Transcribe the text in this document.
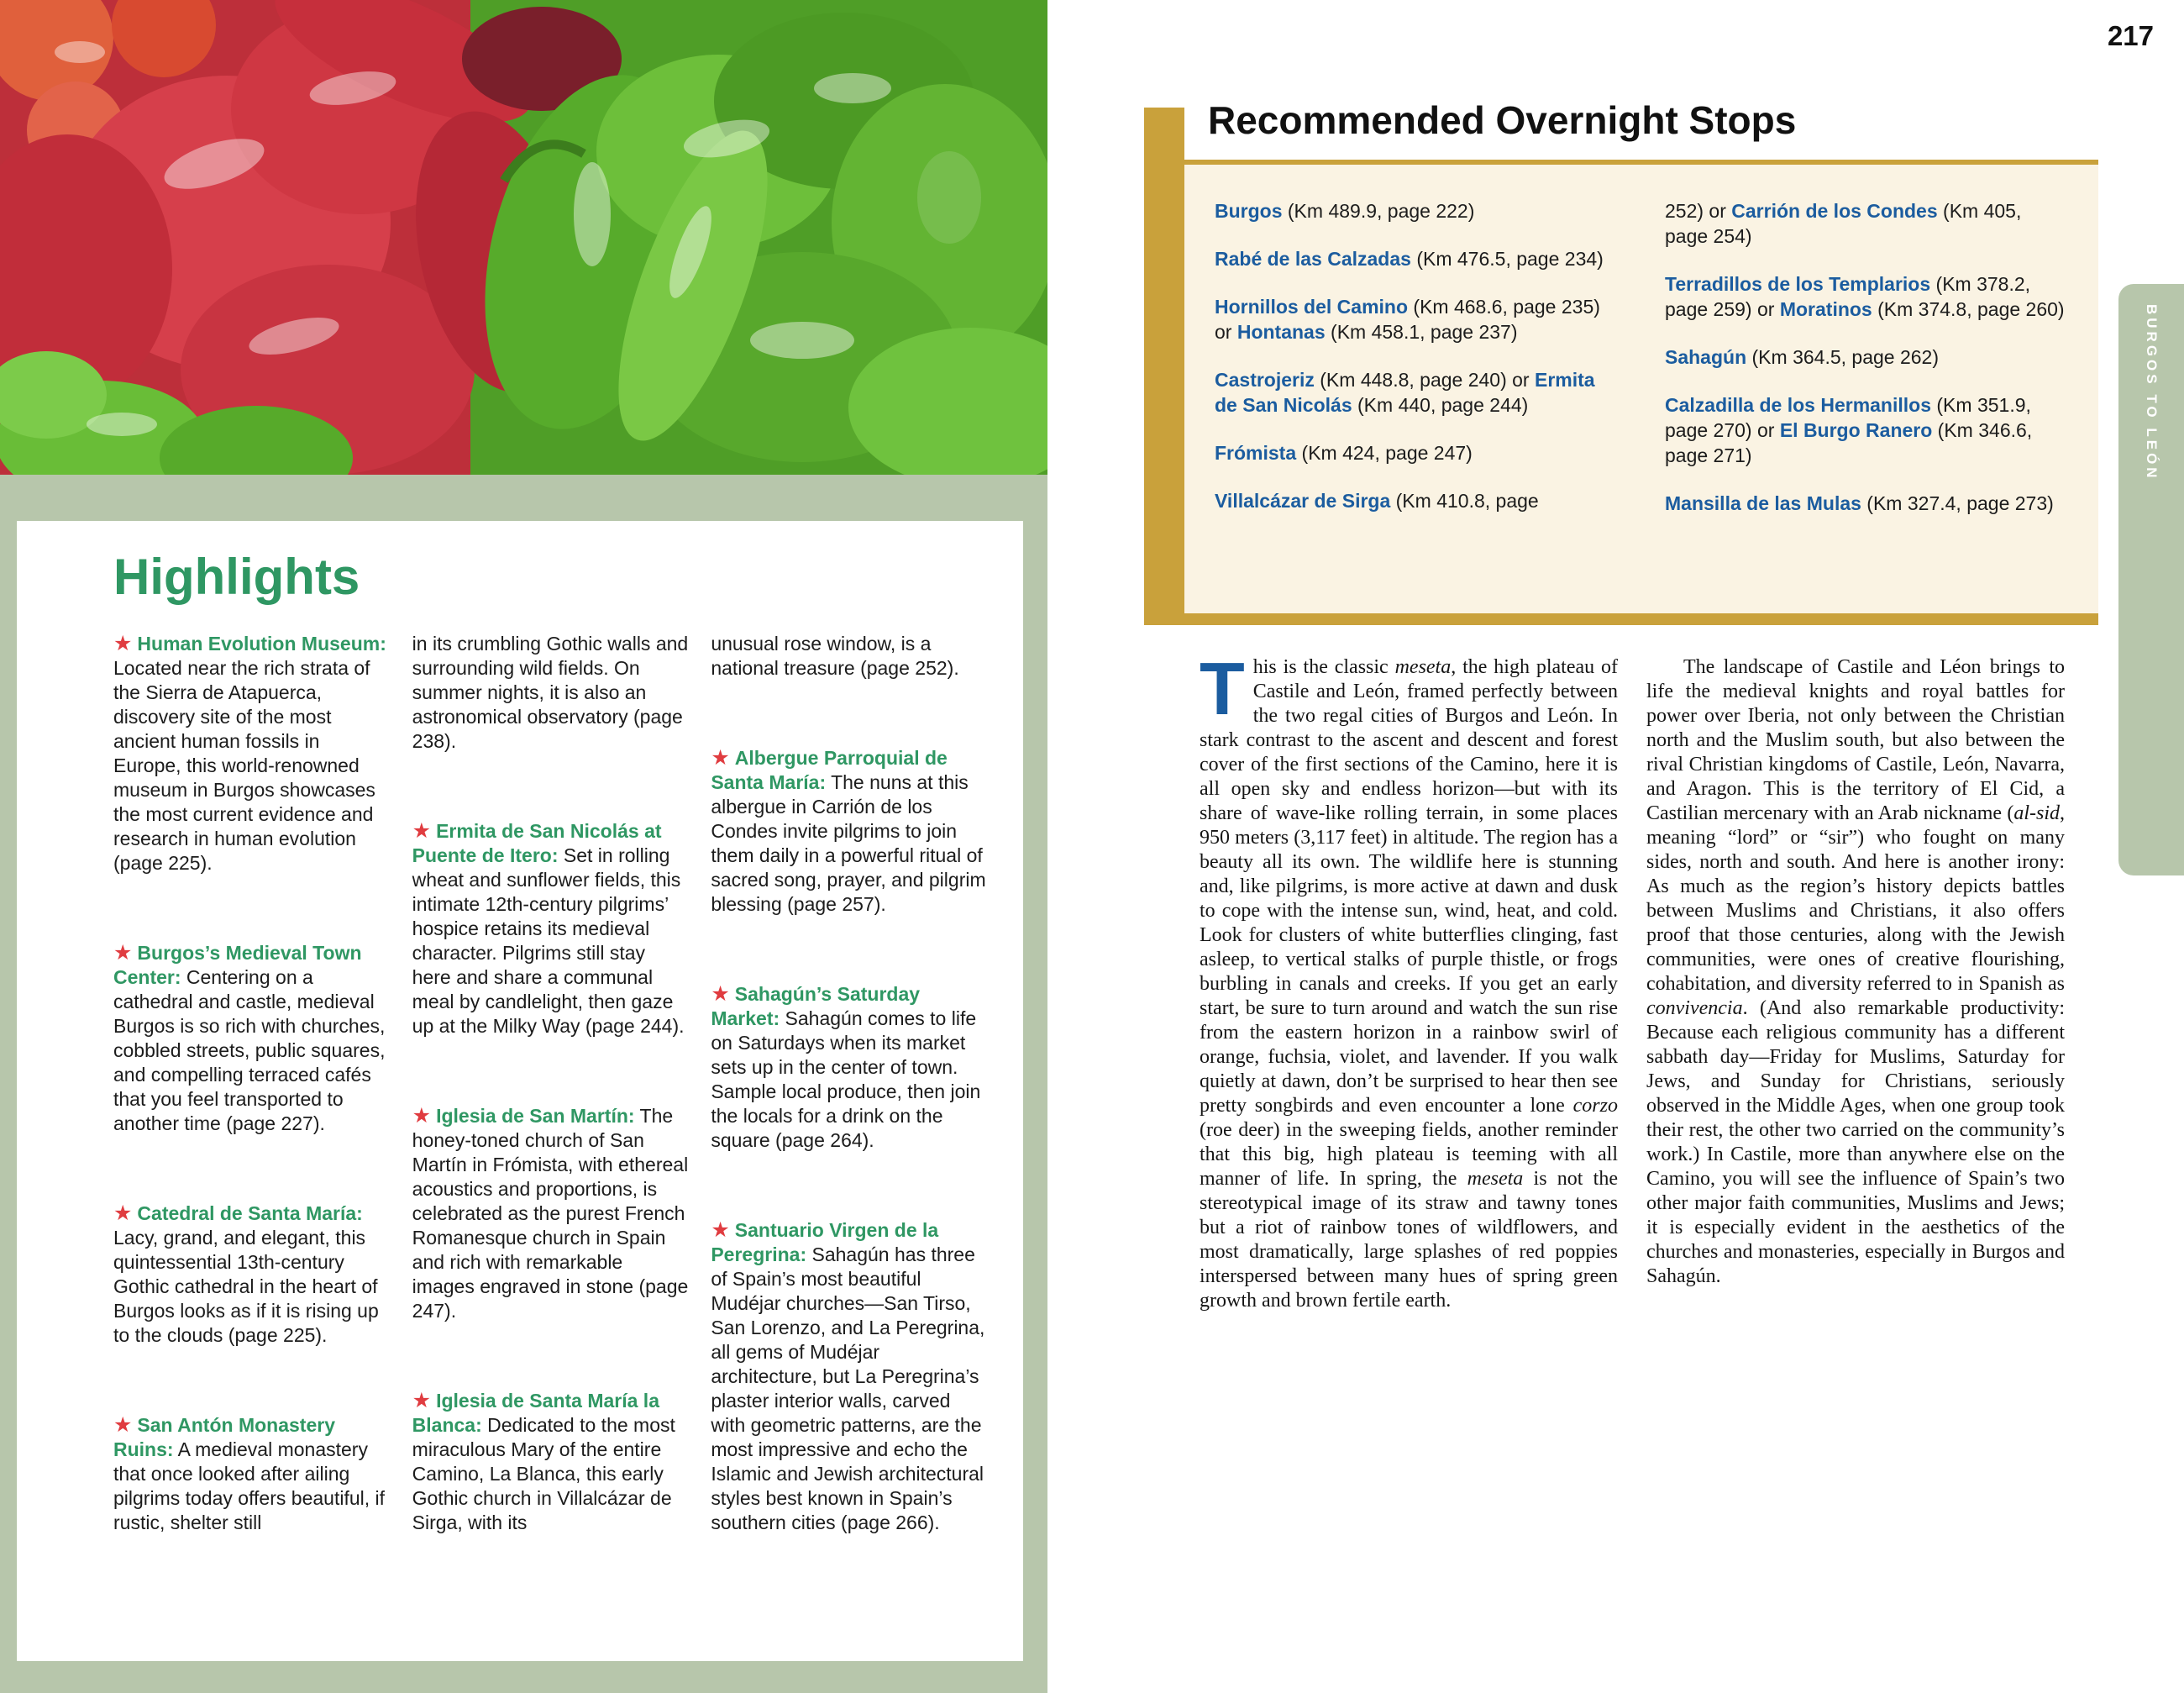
Highlights
★ Human Evolution Museum: Located near the rich strata of the Sierra de Atapuerca, discovery site of the most ancient human fossils in Europe, this world-renowned museum in Burgos showcases the most current evidence and research in human evolution (page 225).
★ Burgos’s Medieval Town Center: Centering on a cathedral and castle, medieval Burgos is so rich with churches, cobbled streets, public squares, and compelling terraced cafés that you feel transported to another time (page 227).
★ Catedral de Santa María: Lacy, grand, and elegant, this quintessential 13th-century Gothic cathedral in the heart of Burgos looks as if it is rising up to the clouds (page 225).
★ San Antón Monastery Ruins: A medieval monastery that once looked after ailing pilgrims today offers beautiful, if rustic, shelter still
in its crumbling Gothic walls and surrounding wild fields. On summer nights, it is also an astronomical observatory (page 238).
★ Ermita de San Nicolás at Puente de Itero: Set in rolling wheat and sunflower fields, this intimate 12th-century pilgrims’ hospice retains its medieval character. Pilgrims still stay here and share a communal meal by candlelight, then gaze up at the Milky Way (page 244).
★ Iglesia de San Martín: The honey-toned church of San Martín in Frómista, with ethereal acoustics and proportions, is celebrated as the purest French Romanesque church in Spain and rich with remarkable images engraved in stone (page 247).
★ Iglesia de Santa María la Blanca: Dedicated to the most miraculous Mary of the entire Camino, La Blanca, this early Gothic church in Villalcázar de Sirga, with its
unusual rose window, is a national treasure (page 252).
★ Albergue Parroquial de Santa María: The nuns at this albergue in Carrión de los Condes invite pilgrims to join them daily in a powerful ritual of sacred song, prayer, and pilgrim blessing (page 257).
★ Sahagún’s Saturday Market: Sahagún comes to life on Saturdays when its market sets up in the center of town. Sample local produce, then join the locals for a drink on the square (page 264).
★ Santuario Virgen de la Peregrina: Sahagún has three of Spain’s most beautiful Mudéjar churches—San Tirso, San Lorenzo, and La Peregrina, all gems of Mudéjar architecture, but La Peregrina’s plaster interior walls, carved with geometric patterns, are the most impressive and echo the Islamic and Jewish architectural styles best known in Spain’s southern cities (page 266).
217
Recommended Overnight Stops
Burgos (Km 489.9, page 222)
Rabé de las Calzadas (Km 476.5, page 234)
Hornillos del Camino (Km 468.6, page 235) or Hontanas (Km 458.1, page 237)
Castrojeriz (Km 448.8, page 240) or Ermita de San Nicolás (Km 440, page 244)
Frómista (Km 424, page 247)
Villalcázar de Sirga (Km 410.8, page
252) or Carrión de los Condes (Km 405, page 254)
Terradillos de los Templarios (Km 378.2, page 259) or Moratinos (Km 374.8, page 260)
Sahagún (Km 364.5, page 262)
Calzadilla de los Hermanillos (Km 351.9, page 270) or El Burgo Ranero (Km 346.6, page 271)
Mansilla de las Mulas (Km 327.4, page 273)

This is the classic meseta, the high plateau of Castile and León, framed perfectly between the two regal cities of Burgos and León. In stark contrast to the ascent and descent and forest cover of the first sections of the Camino, here it is all open sky and endless horizon—but with its share of wave-like rolling terrain, in some places 950 meters (3,117 feet) in altitude. The region has a beauty all its own. The wildlife here is stunning and, like pilgrims, is more active at dawn and dusk to cope with the intense sun, wind, heat, and cold. Look for clusters of white butterflies clinging, fast asleep, to vertical stalks of purple thistle, or frogs burbling in canals and creeks. If you get an early start, be sure to turn around and watch the sun rise from the eastern horizon in a rainbow swirl of orange, fuchsia, violet, and lavender. If you walk quietly at dawn, don’t be surprised to hear then see pretty songbirds and even encounter a lone corzo (roe deer) in the sweeping fields, another reminder that this big, high plateau is teeming with all manner of life. In spring, the meseta is not the stereotypical image of its straw and tawny tones but a riot of rainbow tones of wildflowers, and most dramatically, large splashes of red poppies interspersed between many hues of spring green growth and brown fertile earth.

The landscape of Castile and Léon brings to life the medieval knights and royal battles for power over Iberia, not only between the Christian north and the Muslim south, but also between the rival Christian kingdoms of Castile, León, Navarra, and Aragon. This is the territory of El Cid, a Castilian mercenary with an Arab nickname (al-sid, meaning “lord” or “sir”) who fought on many sides, north and south. And here is another irony: As much as the region’s history depicts battles between Muslims and Christians, it also offers proof that those centuries, along with the Jewish communities, were ones of creative flourishing, cohabitation, and diversity referred to in Spanish as convivencia. (And also remarkable productivity: Because each religious community has a different sabbath day—Friday for Muslims, Saturday for Jews, and Sunday for Christians, seriously observed in the Middle Ages, when one group took their rest, the other two carried on the community’s work.) In Castile, more than anywhere else on the Camino, you will see the influence of Spain’s two other major faith communities, Muslims and Jews; it is especially evident in the aesthetics of the churches and monasteries, especially in Burgos and Sahagún.

BURGOS TO LEÓN
